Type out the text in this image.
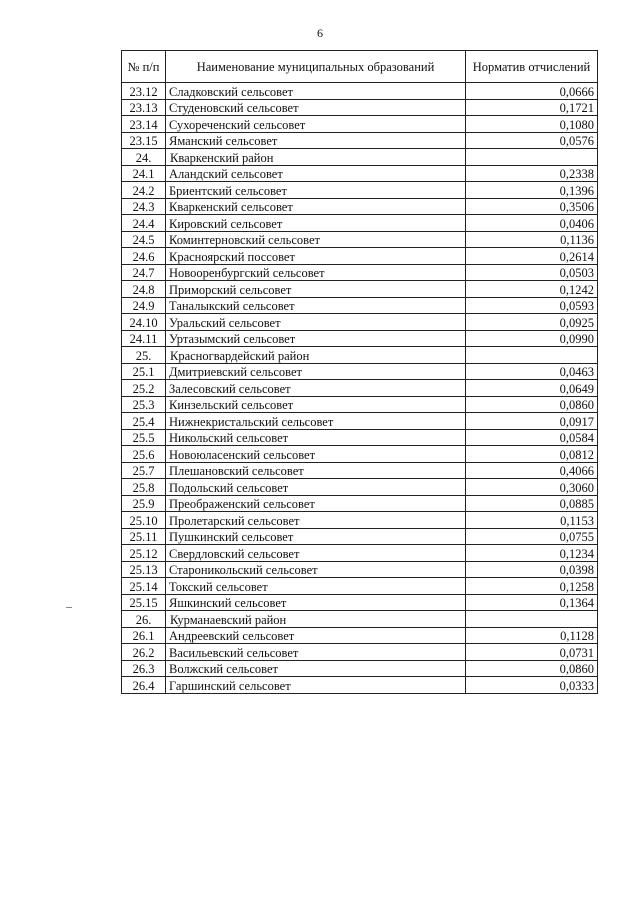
6
№ п/п	Наименование муниципальных образований	Норматив отчислений
23.12	Сладковский сельсовет	0,0666
23.13	Студеновский сельсовет	0,1721
23.14	Сухореченский сельсовет	0,1080
23.15	Яманский сельсовет	0,0576
24.	Кваркенский район	
24.1	Аландский сельсовет	0,2338
24.2	Бриентский сельсовет	0,1396
24.3	Кваркенский сельсовет	0,3506
24.4	Кировский сельсовет	0,0406
24.5	Коминтерновский сельсовет	0,1136
24.6	Красноярский поссовет	0,2614
24.7	Новооренбургский сельсовет	0,0503
24.8	Приморский сельсовет	0,1242
24.9	Таналыкский сельсовет	0,0593
24.10	Уральский сельсовет	0,0925
24.11	Уртазымский сельсовет	0,0990
25.	Красногвардейский район	
25.1	Дмитриевский сельсовет	0,0463
25.2	Залесовский сельсовет	0,0649
25.3	Кинзельский сельсовет	0,0860
25.4	Нижнекристальский сельсовет	0,0917
25.5	Никольский сельсовет	0,0584
25.6	Новоюласенский сельсовет	0,0812
25.7	Плешановский сельсовет	0,4066
25.8	Подольский сельсовет	0,3060
25.9	Преображенский сельсовет	0,0885
25.10	Пролетарский сельсовет	0,1153
25.11	Пушкинский сельсовет	0,0755
25.12	Свердловский сельсовет	0,1234
25.13	Староникольский сельсовет	0,0398
25.14	Токский сельсовет	0,1258
25.15	Яшкинский сельсовет	0,1364
26.	Курманаевский район	
26.1	Андреевский сельсовет	0,1128
26.2	Васильевский сельсовет	0,0731
26.3	Волжский сельсовет	0,0860
26.4	Гаршинский сельсовет	0,0333
